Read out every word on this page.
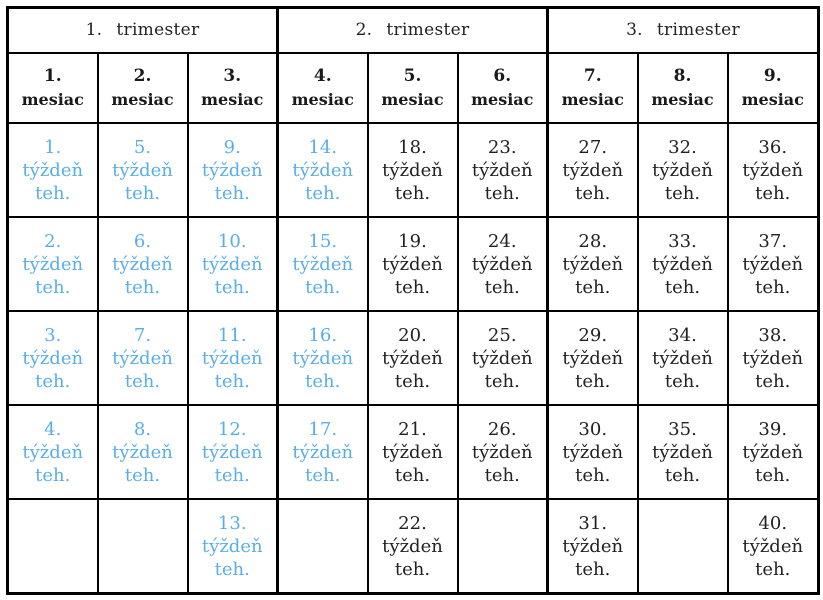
1. trimester			2. trimester			3. trimester		

1.
mesiac	2.
mesiac	3.
mesiac	4.
mesiac	5.
mesiac	6.
mesiac	7.
mesiac	8.
mesiac	9.
mesiac

1.
týždeň
teh.	5.
týždeň
teh.	9.
týždeň
teh.	14.
týždeň
teh.	18.
týždeň
teh.	23.
týždeň
teh.	27.
týždeň
teh.	32.
týždeň
teh.	36.
týždeň
teh.

2.
týždeň
teh.	6.
týždeň
teh.	10.
týždeň
teh.	15.
týždeň
teh.	19.
týždeň
teh.	24.
týždeň
teh.	28.
týždeň
teh.	33.
týždeň
teh.	37.
týždeň
teh.

3.
týždeň
teh.	7.
týždeň
teh.	11.
týždeň
teh.	16.
týždeň
teh.	20.
týždeň
teh.	25.
týždeň
teh.	29.
týždeň
teh.	34.
týždeň
teh.	38.
týždeň
teh.

4.
týždeň
teh.	8.
týždeň
teh.	12.
týždeň
teh.	17.
týždeň
teh.	21.
týždeň
teh.	26.
týždeň
teh.	30.
týždeň
teh.	35.
týždeň
teh.	39.
týždeň
teh.

		13.
týždeň
teh.		22.
týždeň
teh.		31.
týždeň
teh.		40.
týždeň
teh.
